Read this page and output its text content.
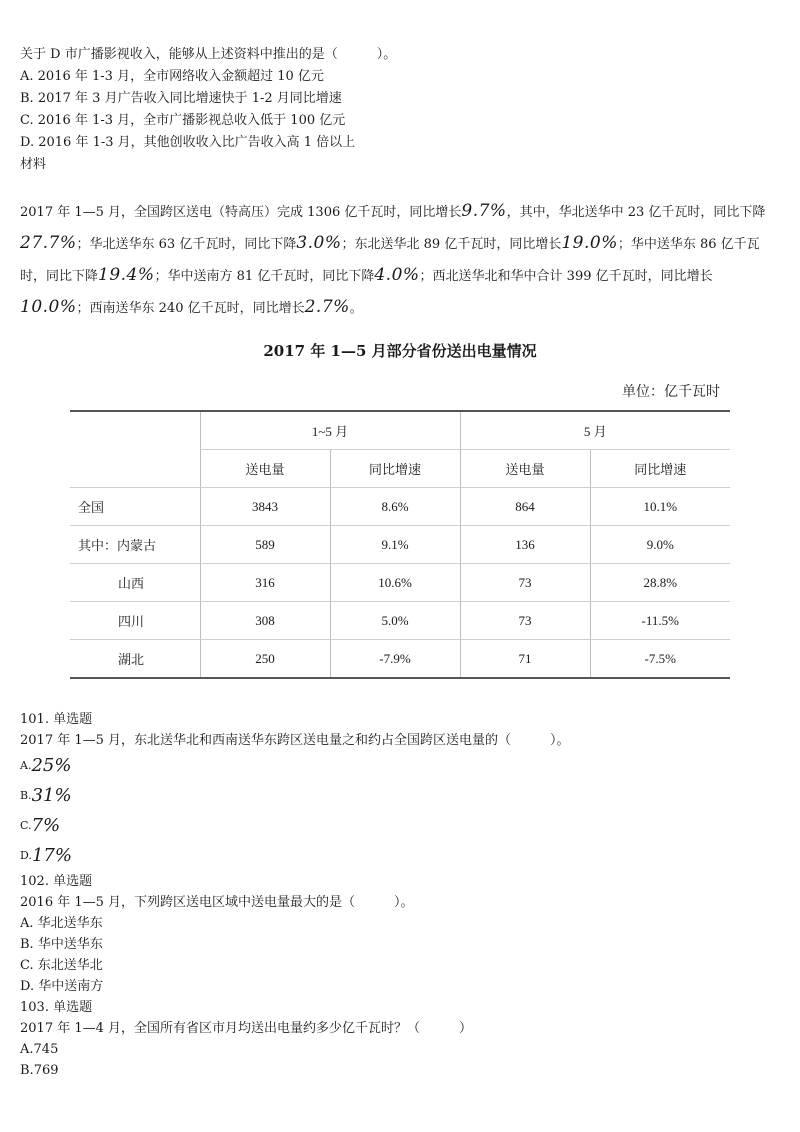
关于 D 市广播影视收入，能够从上述资料中推出的是（　　　）。
A. 2016 年 1-3 月，全市网络收入金额超过 10 亿元
B. 2017 年 3 月广告收入同比增速快于 1-2 月同比增速
C. 2016 年 1-3 月，全市广播影视总收入低于 100 亿元
D. 2016 年 1-3 月，其他创收收入比广告收入高 1 倍以上
材料
2017 年 1—5 月，全国跨区送电（特高压）完成 1306 亿千瓦时，同比增长9.7%，其中，华北送华中 23 亿千瓦时，同比下降27.7%；华北送华东 63 亿千瓦时，同比下降3.0%；东北送华北 89 亿千瓦时，同比增长19.0%；华中送华东 86 亿千瓦时，同比下降19.4%；华中送南方 81 亿千瓦时，同比下降4.0%；西北送华北和华中合计 399 亿千瓦时，同比增长10.0%；西南送华东 240 亿千瓦时，同比增长2.7%。
2017 年 1—5 月部分省份送出电量情况
单位：亿千瓦时
	1~5 月		5 月	
	送电量	同比增速	送电量	同比增速
全国	3843	8.6%	864	10.1%
其中：内蒙古	589	9.1%	136	9.0%
山西	316	10.6%	73	28.8%
四川	308	5.0%	73	-11.5%
湖北	250	-7.9%	71	-7.5%
101. 单选题
2017 年 1—5 月，东北送华北和西南送华东跨区送电量之和约占全国跨区送电量的（　　　）。
A.25%
B.31%
C.7%
D.17%
102. 单选题
2016 年 1—5 月，下列跨区送电区域中送电量最大的是（　　　）。
A. 华北送华东
B. 华中送华东
C. 东北送华北
D. 华中送南方
103. 单选题
2017 年 1—4 月，全国所有省区市月均送出电量约多少亿千瓦时？（　　　）
A.745
B.769
